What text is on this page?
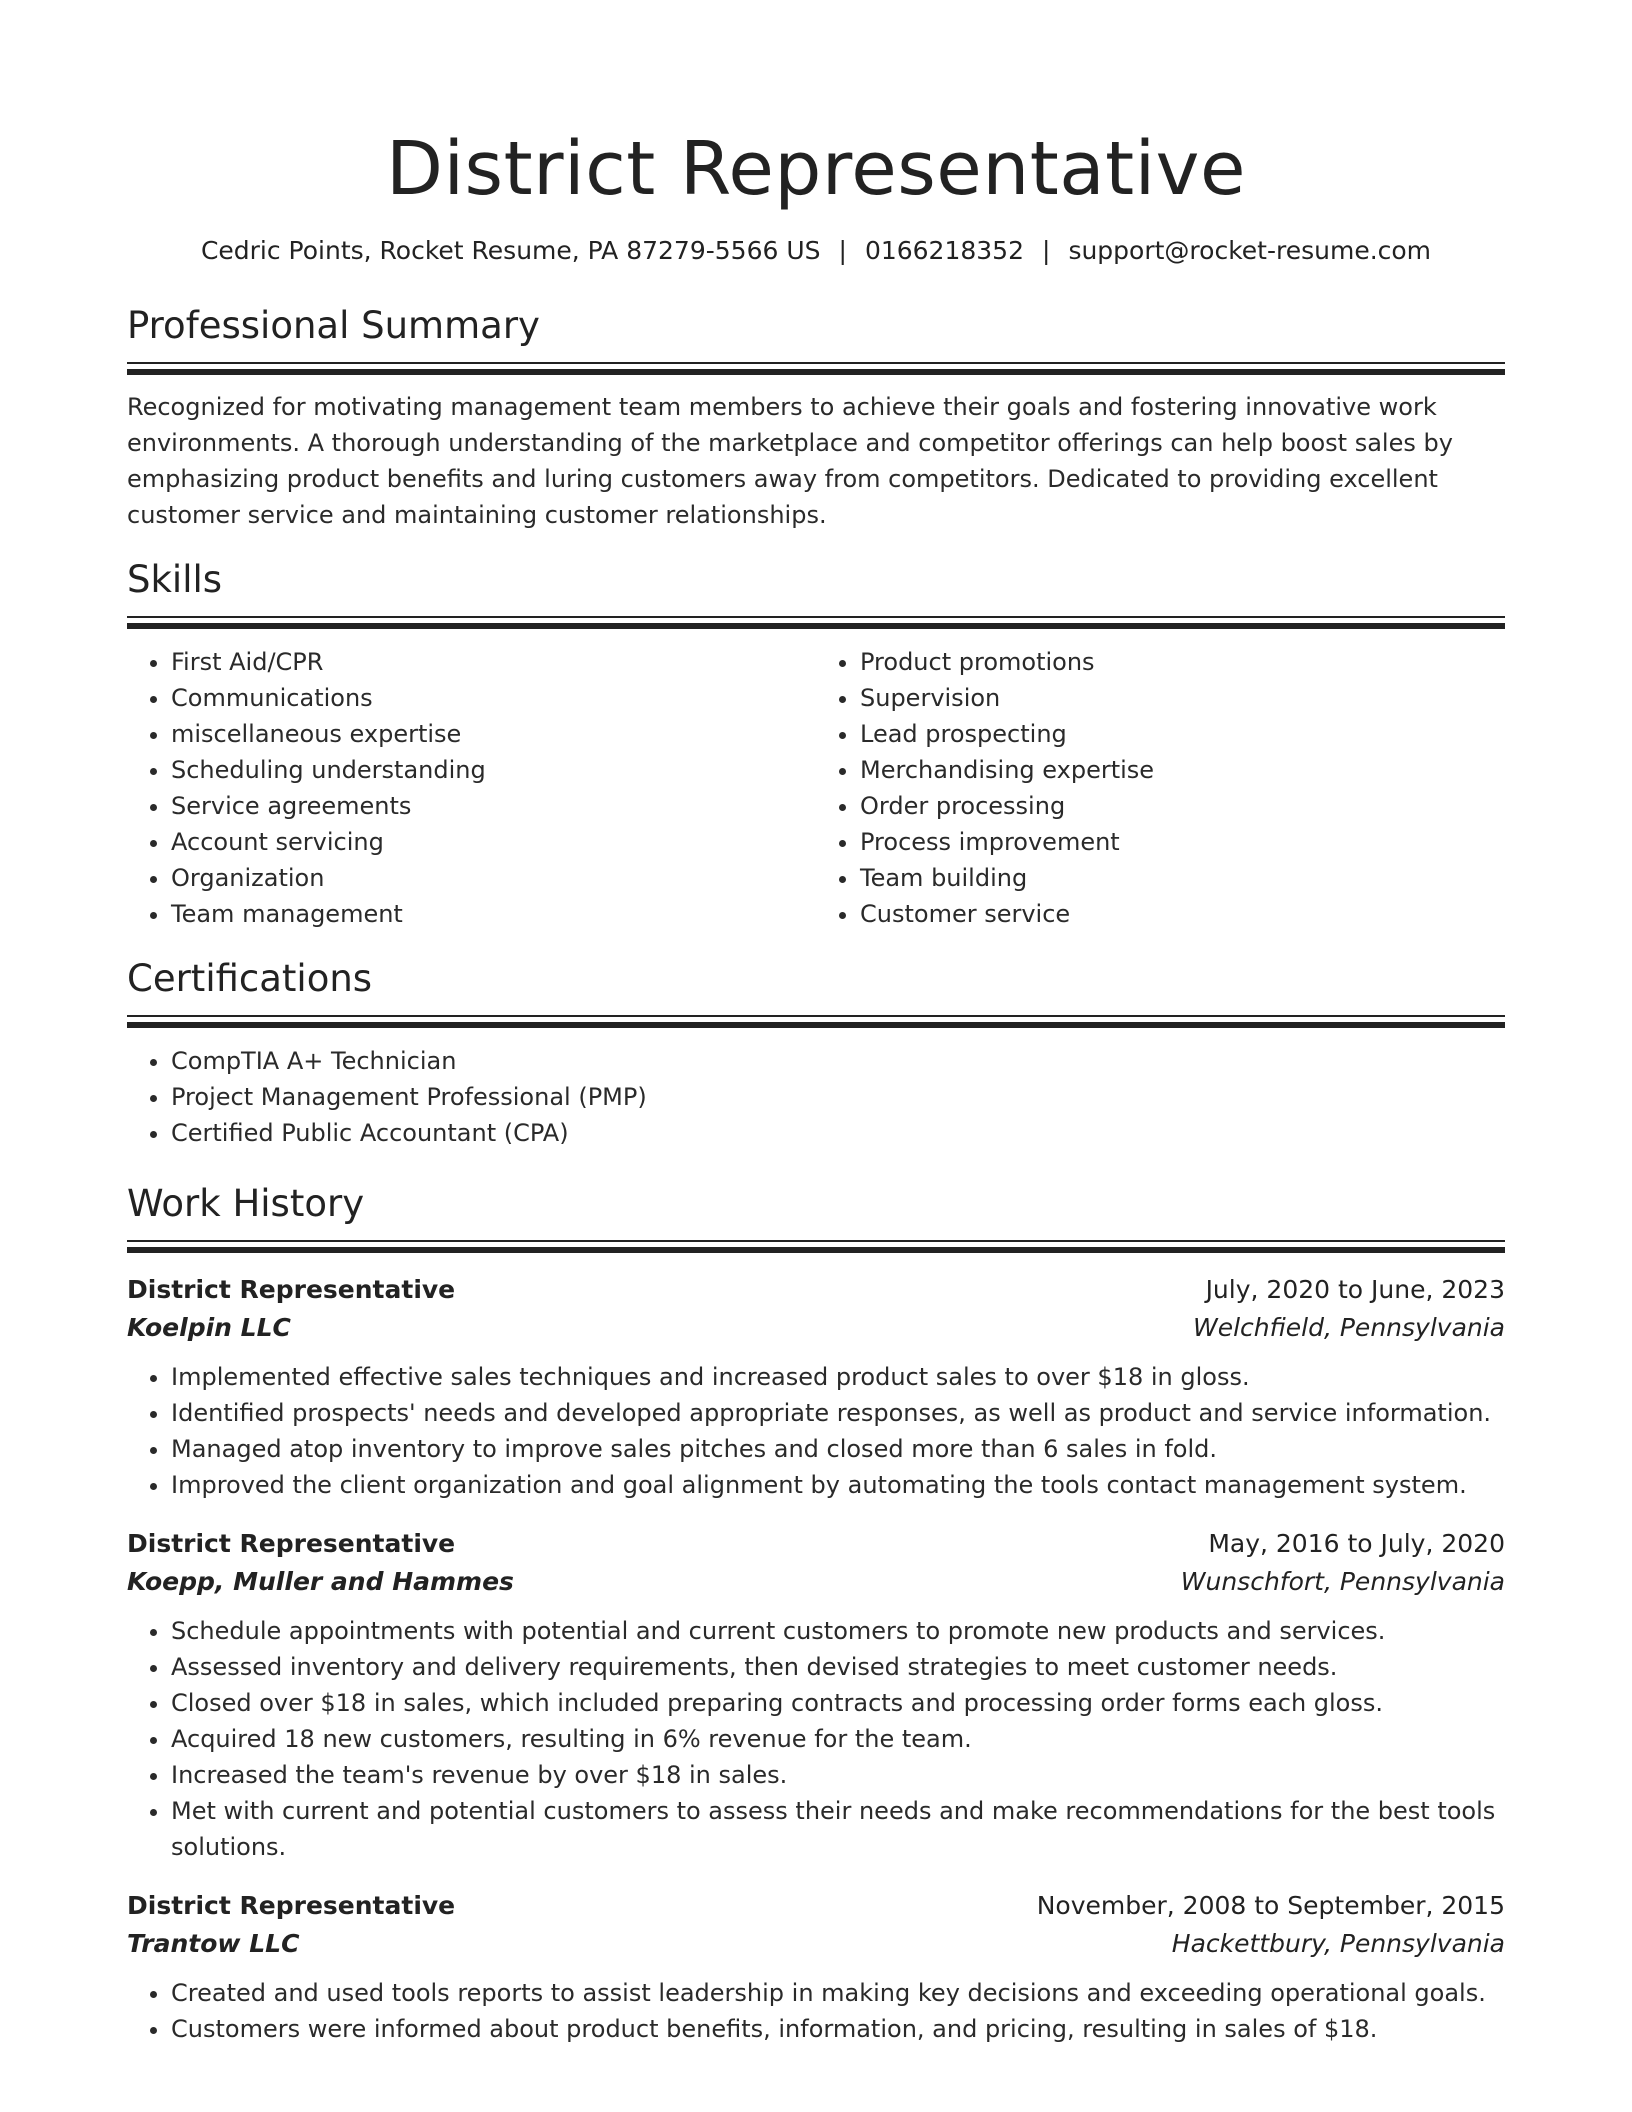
District Representative
Cedric Points, Rocket Resume, PA 87279-5566 US | 0166218352 | support@rocket-resume.com
Professional Summary
Recognized for motivating management team members to achieve their goals and fostering innovative work environments. A thorough understanding of the marketplace and competitor offerings can help boost sales by emphasizing product benefits and luring customers away from competitors. Dedicated to providing excellent customer service and maintaining customer relationships.
Skills
• First Aid/CPR
• Communications
• miscellaneous expertise
• Scheduling understanding
• Service agreements
• Account servicing
• Organization
• Team management
• Product promotions
• Supervision
• Lead prospecting
• Merchandising expertise
• Order processing
• Process improvement
• Team building
• Customer service
Certifications
• CompTIA A+ Technician
• Project Management Professional (PMP)
• Certified Public Accountant (CPA)
Work History
District Representative	July, 2020 to June, 2023
Koelpin LLC	Welchfield, Pennsylvania
• Implemented effective sales techniques and increased product sales to over $18 in gloss.
• Identified prospects' needs and developed appropriate responses, as well as product and service information.
• Managed atop inventory to improve sales pitches and closed more than 6 sales in fold.
• Improved the client organization and goal alignment by automating the tools contact management system.
District Representative	May, 2016 to July, 2020
Koepp, Muller and Hammes	Wunschfort, Pennsylvania
• Schedule appointments with potential and current customers to promote new products and services.
• Assessed inventory and delivery requirements, then devised strategies to meet customer needs.
• Closed over $18 in sales, which included preparing contracts and processing order forms each gloss.
• Acquired 18 new customers, resulting in 6% revenue for the team.
• Increased the team's revenue by over $18 in sales.
• Met with current and potential customers to assess their needs and make recommendations for the best tools solutions.
District Representative	November, 2008 to September, 2015
Trantow LLC	Hackettbury, Pennsylvania
• Created and used tools reports to assist leadership in making key decisions and exceeding operational goals.
• Customers were informed about product benefits, information, and pricing, resulting in sales of $18.
